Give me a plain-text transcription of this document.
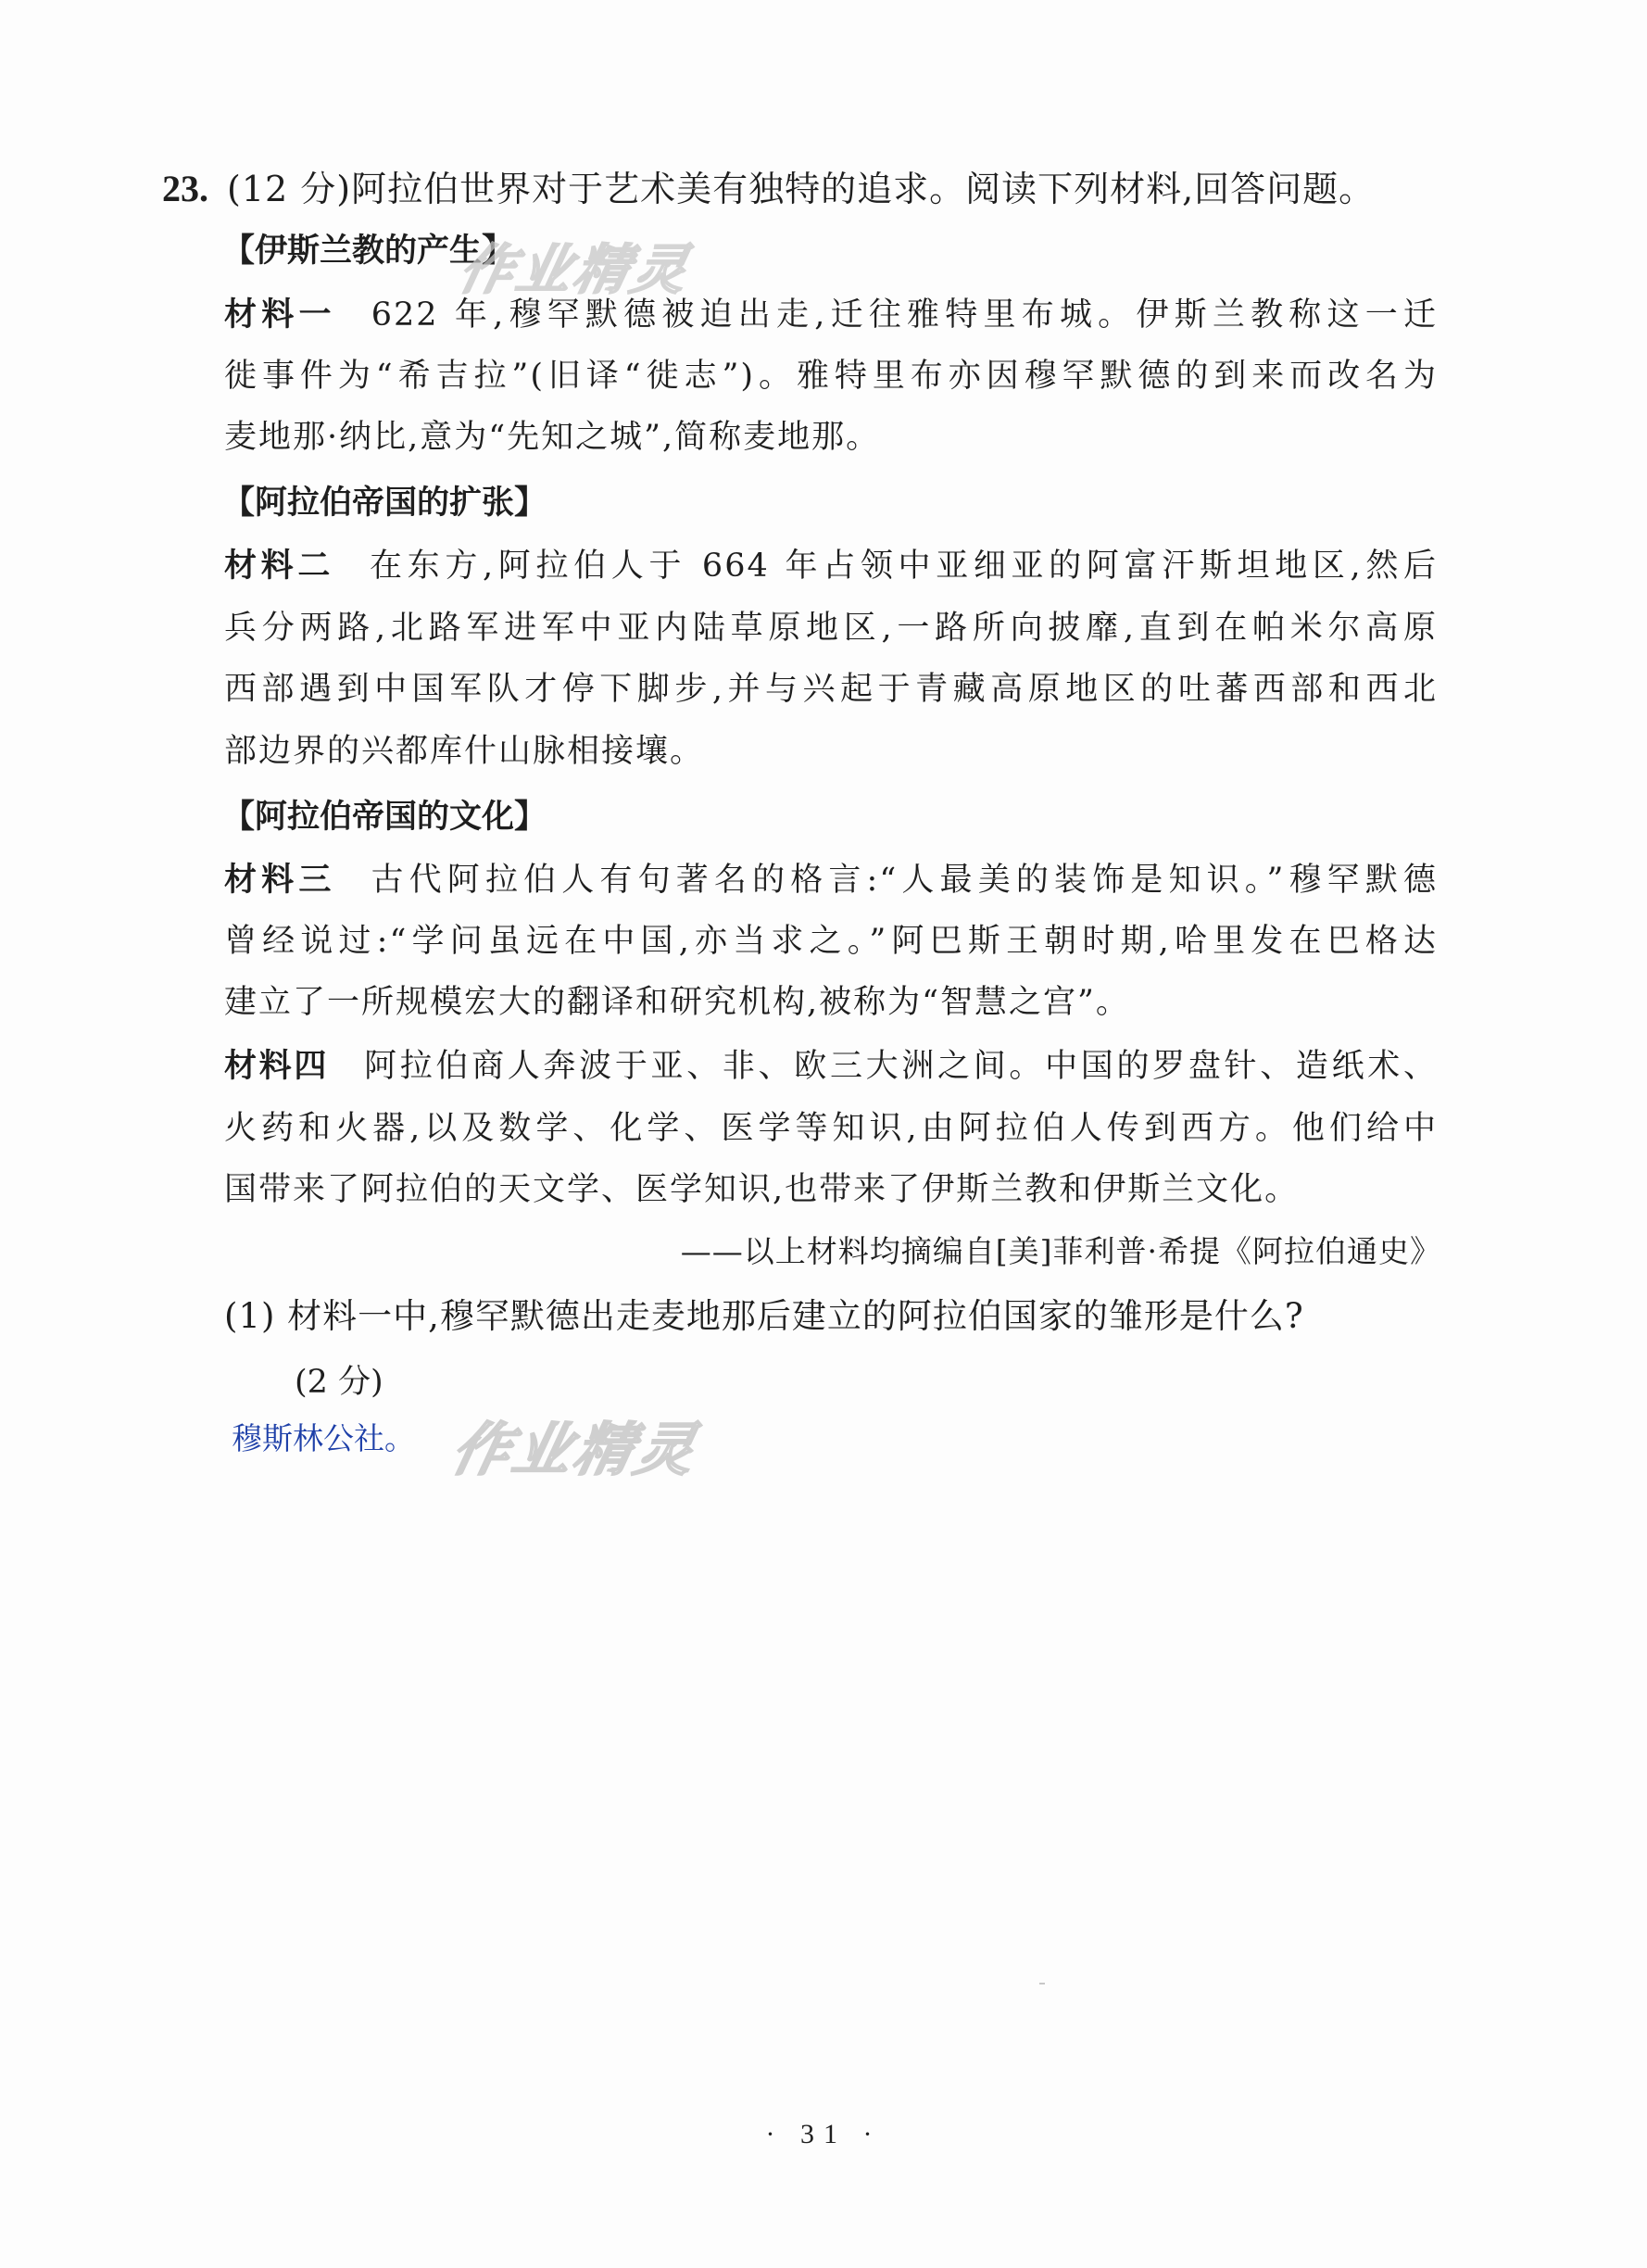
23. (12 分)阿拉伯世界对于艺术美有独特的追求。阅读下列材料,回答问题。
【伊斯兰教的产生】
材料一 622 年,穆罕默德被迫出走,迁往雅特里布城。伊斯兰教称这一迁
徙事件为“希吉拉”(旧译“徙志”)。雅特里布亦因穆罕默德的到来而改名为
麦地那·纳比,意为“先知之城”,简称麦地那。
【阿拉伯帝国的扩张】
材料二 在东方,阿拉伯人于 664 年占领中亚细亚的阿富汗斯坦地区,然后
兵分两路,北路军进军中亚内陆草原地区,一路所向披靡,直到在帕米尔高原
西部遇到中国军队才停下脚步,并与兴起于青藏高原地区的吐蕃西部和西北
部边界的兴都库什山脉相接壤。
【阿拉伯帝国的文化】
材料三 古代阿拉伯人有句著名的格言:“人最美的装饰是知识。”穆罕默德
曾经说过:“学问虽远在中国,亦当求之。”阿巴斯王朝时期,哈里发在巴格达
建立了一所规模宏大的翻译和研究机构,被称为“智慧之宫”。
材料四 阿拉伯商人奔波于亚、非、欧三大洲之间。中国的罗盘针、造纸术、
火药和火器,以及数学、化学、医学等知识,由阿拉伯人传到西方。他们给中
国带来了阿拉伯的天文学、医学知识,也带来了伊斯兰教和伊斯兰文化。
——以上材料均摘编自[美]菲利普·希提《阿拉伯通史》
(1) 材料一中,穆罕默德出走麦地那后建立的阿拉伯国家的雏形是什么?
(2 分)
穆斯林公社。
作业精灵
作业精灵
· 31 ·
